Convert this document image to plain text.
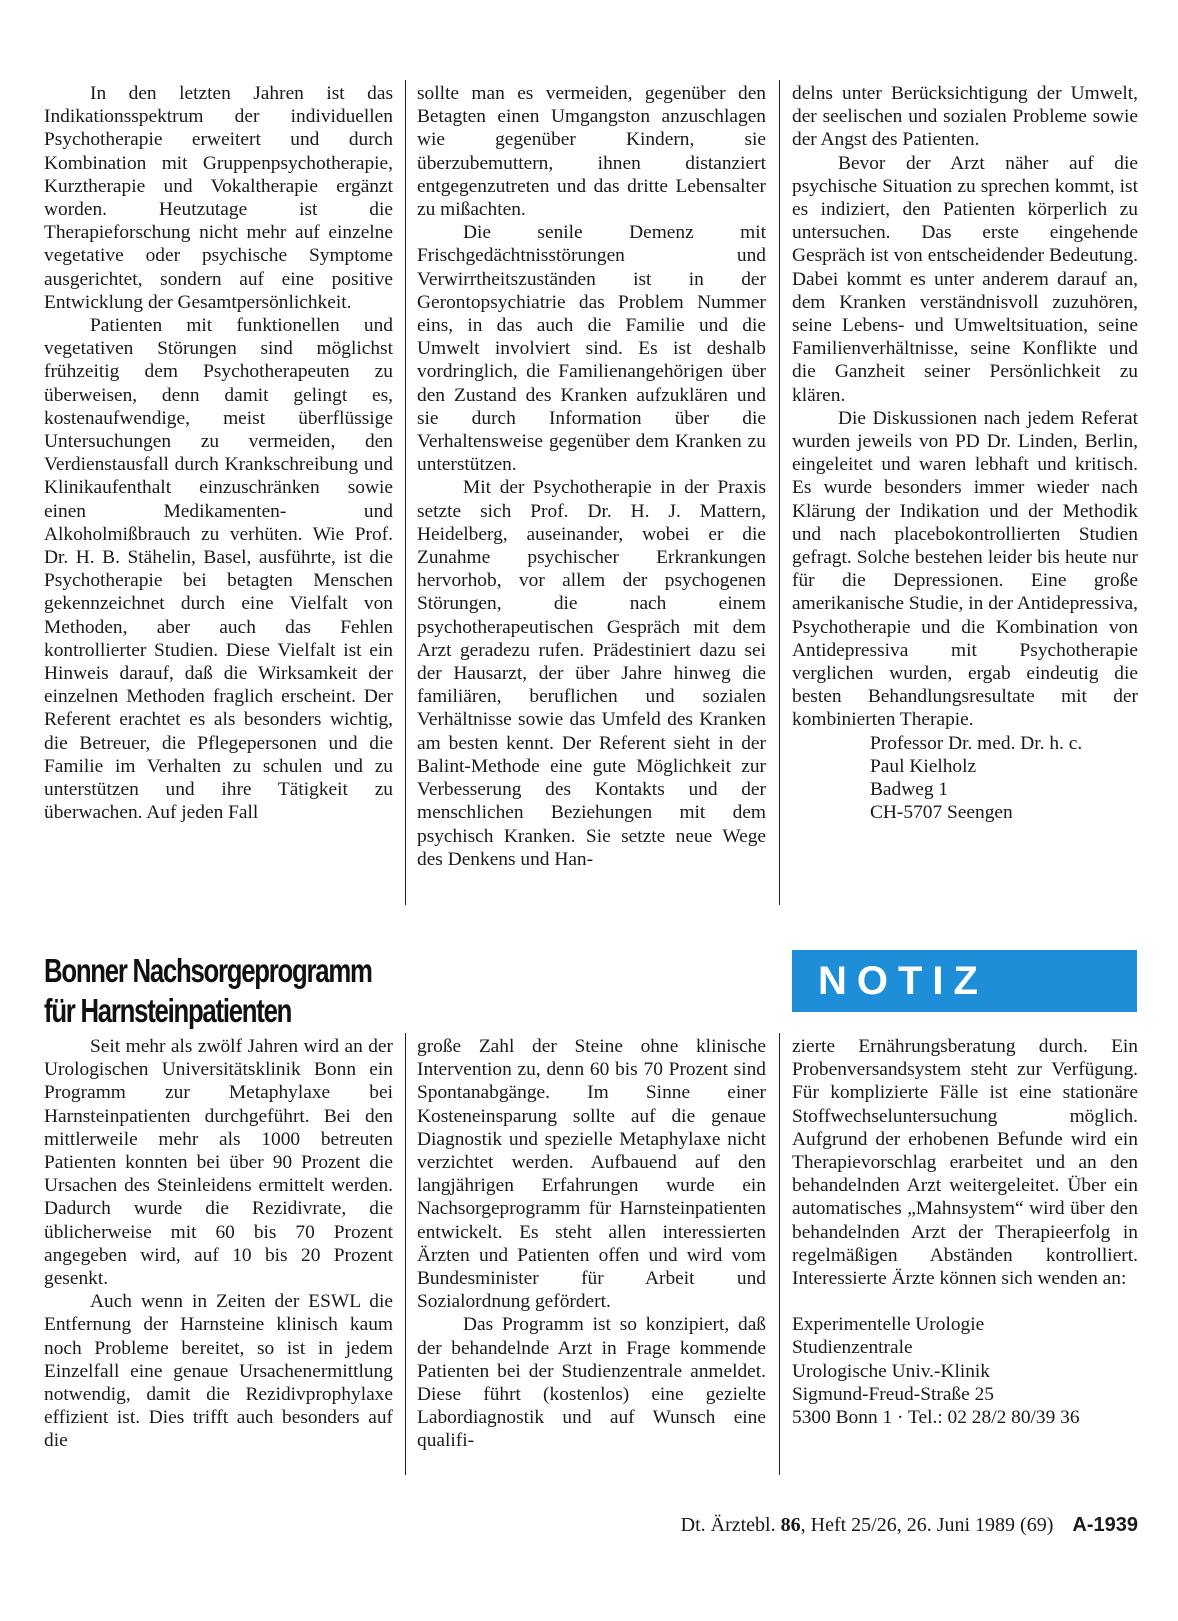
In den letzten Jahren ist das Indikationsspektrum der individuellen Psychotherapie erweitert und durch Kombination mit Gruppenpsychotherapie, Kurztherapie und Vokaltherapie ergänzt worden. Heutzutage ist die Therapieforschung nicht mehr auf einzelne vegetative oder psychische Symptome ausgerichtet, sondern auf eine positive Entwicklung der Gesamtpersönlichkeit.

Patienten mit funktionellen und vegetativen Störungen sind möglichst frühzeitig dem Psychotherapeuten zu überweisen, denn damit gelingt es, kostenaufwendige, meist überflüssige Untersuchungen zu vermeiden, den Verdienstausfall durch Krankschreibung und Klinikaufenthalt einzuschränken sowie einen Medikamenten- und Alkoholmißbrauch zu verhüten. Wie Prof. Dr. H. B. Stähelin, Basel, ausführte, ist die Psychotherapie bei betagten Menschen gekennzeichnet durch eine Vielfalt von Methoden, aber auch das Fehlen kontrollierter Studien. Diese Vielfalt ist ein Hinweis darauf, daß die Wirksamkeit der einzelnen Methoden fraglich erscheint. Der Referent erachtet es als besonders wichtig, die Betreuer, die Pflegepersonen und die Familie im Verhalten zu schulen und zu unterstützen und ihre Tätigkeit zu überwachen. Auf jeden Fall

sollte man es vermeiden, gegenüber den Betagten einen Umgangston anzuschlagen wie gegenüber Kindern, sie überzubemuttern, ihnen distanziert entgegenzutreten und das dritte Lebensalter zu mißachten.

Die senile Demenz mit Frischgedächtnisstörungen und Verwirrtheitszuständen ist in der Gerontopsychiatrie das Problem Nummer eins, in das auch die Familie und die Umwelt involviert sind. Es ist deshalb vordringlich, die Familienangehörigen über den Zustand des Kranken aufzuklären und sie durch Information über die Verhaltensweise gegenüber dem Kranken zu unterstützen.

Mit der Psychotherapie in der Praxis setzte sich Prof. Dr. H. J. Mattern, Heidelberg, auseinander, wobei er die Zunahme psychischer Erkrankungen hervorhob, vor allem der psychogenen Störungen, die nach einem psychotherapeutischen Gespräch mit dem Arzt geradezu rufen. Prädestiniert dazu sei der Hausarzt, der über Jahre hinweg die familiären, beruflichen und sozialen Verhältnisse sowie das Umfeld des Kranken am besten kennt. Der Referent sieht in der Balint-Methode eine gute Möglichkeit zur Verbesserung des Kontakts und der menschlichen Beziehungen mit dem psychisch Kranken. Sie setzte neue Wege des Denkens und Han-

delns unter Berücksichtigung der Umwelt, der seelischen und sozialen Probleme sowie der Angst des Patienten.

Bevor der Arzt näher auf die psychische Situation zu sprechen kommt, ist es indiziert, den Patienten körperlich zu untersuchen. Das erste eingehende Gespräch ist von entscheidender Bedeutung. Dabei kommt es unter anderem darauf an, dem Kranken verständnisvoll zuzuhören, seine Lebens- und Umweltsituation, seine Familienverhältnisse, seine Konflikte und die Ganzheit seiner Persönlichkeit zu klären.

Die Diskussionen nach jedem Referat wurden jeweils von PD Dr. Linden, Berlin, eingeleitet und waren lebhaft und kritisch. Es wurde besonders immer wieder nach Klärung der Indikation und der Methodik und nach placebokontrollierten Studien gefragt. Solche bestehen leider bis heute nur für die Depressionen. Eine große amerikanische Studie, in der Antidepressiva, Psychotherapie und die Kombination von Antidepressiva mit Psychotherapie verglichen wurden, ergab eindeutig die besten Behandlungsresultate mit der kombinierten Therapie.

Professor Dr. med. Dr. h. c.

Paul Kielholz

Badweg 1

CH-5707 Seengen

Bonner Nachsorgeprogramm
für Harnsteinpatienten
NOTIZ

Seit mehr als zwölf Jahren wird an der Urologischen Universitätsklinik Bonn ein Programm zur Metaphylaxe bei Harnsteinpatienten durchgeführt. Bei den mittlerweile mehr als 1000 betreuten Patienten konnten bei über 90 Prozent die Ursachen des Steinleidens ermittelt werden. Dadurch wurde die Rezidivrate, die üblicherweise mit 60 bis 70 Prozent angegeben wird, auf 10 bis 20 Prozent gesenkt.

Auch wenn in Zeiten der ESWL die Entfernung der Harnsteine klinisch kaum noch Probleme bereitet, so ist in jedem Einzelfall eine genaue Ursachenermittlung notwendig, damit die Rezidivprophylaxe effizient ist. Dies trifft auch besonders auf die

große Zahl der Steine ohne klinische Intervention zu, denn 60 bis 70 Prozent sind Spontanabgänge. Im Sinne einer Kosteneinsparung sollte auf die genaue Diagnostik und spezielle Metaphylaxe nicht verzichtet werden. Aufbauend auf den langjährigen Erfahrungen wurde ein Nachsorgeprogramm für Harnsteinpatienten entwickelt. Es steht allen interessierten Ärzten und Patienten offen und wird vom Bundesminister für Arbeit und Sozialordnung gefördert.

Das Programm ist so konzipiert, daß der behandelnde Arzt in Frage kommende Patienten bei der Studienzentrale anmeldet. Diese führt (kostenlos) eine gezielte Labordiagnostik und auf Wunsch eine qualifi-

zierte Ernährungsberatung durch. Ein Probenversandsystem steht zur Verfügung. Für komplizierte Fälle ist eine stationäre Stoffwechseluntersuchung möglich. Aufgrund der erhobenen Befunde wird ein Therapievorschlag erarbeitet und an den behandelnden Arzt weitergeleitet. Über ein automatisches „Mahnsystem“ wird über den behandelnden Arzt der Therapieerfolg in regelmäßigen Abständen kontrolliert. Interessierte Ärzte können sich wenden an:

Experimentelle Urologie

Studienzentrale

Urologische Univ.-Klinik

Sigmund-Freud-Straße 25

5300 Bonn 1 · Tel.: 02 28/2 80/39 36

Dt. Ärztebl. 86, Heft 25/26, 26. Juni 1989 (69) A-1939
